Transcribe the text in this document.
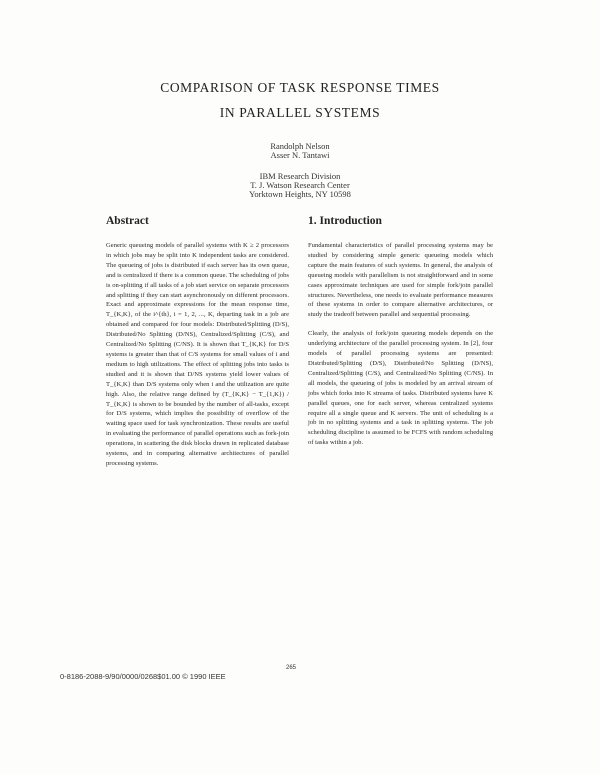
COMPARISON OF TASK RESPONSE TIMES
IN PARALLEL SYSTEMS
Randolph Nelson
Asser N. Tantawi
IBM Research Division
T. J. Watson Research Center
Yorktown Heights, NY 10598
Abstract	1. Introduction

Generic queueing models of parallel systems with K ≥ 2 processors in which jobs may be split into K independent tasks are considered. The queueing of jobs is distributed if each server has its own queue, and is centralized if there is a common queue. The scheduling of jobs is on-splitting if all tasks of a job start service on separate processors and splitting if they can start asynchronously on different processors. Exact and approximate expressions for the mean response time, T_{K,K}, of the i^{th}, i = 1, 2, ..., K, departing task in a job are obtained and compared for four models: Distributed/Splitting (D/S), Distributed/No Splitting (D/NS), Centralized/Splitting (C/S), and Centralized/No Splitting (C/NS). It is shown that T_{K,K} for D/S systems is greater than that of C/S systems for small values of i and medium to high utilizations. The effect of splitting jobs into tasks is studied and it is shown that D/NS systems yield lower values of T_{K,K} than D/S systems only when i and the utilization are quite high. Also, the relative range defined by (T_{K,K} − T_{1,K}) / T_{K,K} is shown to be bounded by the number of all-tasks, except for D/S systems, which implies the possibility of overflow of the waiting space used for task synchronization. These results are useful in evaluating the performance of parallel operations such as fork-join operations, in scattering the disk blocks drawn in replicated database systems, and in comparing alternative architectures of parallel processing systems.

Fundamental characteristics of parallel processing systems may be studied by considering simple generic queueing models which capture the main features of such systems. In general, the analysis of queueing models with parallelism is not straightforward and in some cases approximate techniques are used for simple fork/join parallel structures. Nevertheless, one needs to evaluate performance measures of these systems in order to compare alternative architectures, or study the tradeoff between parallel and sequential processing.

Clearly, the analysis of fork/join queueing models depends on the underlying architecture of the parallel processing system. In [2], four models of parallel processing systems are presented: Distributed/Splitting (D/S), Distributed/No Splitting (D/NS), Centralized/Splitting (C/S), and Centralized/No Splitting (C/NS). In all models, the queueing of jobs is modeled by an arrival stream of jobs which forks into K streams of tasks. Distributed systems have K parallel queues, one for each server, whereas centralized systems require all a single queue and K servers. The unit of scheduling is a job in no splitting systems and a task in splitting systems. The job scheduling discipline is assumed to be FCFS with random scheduling of tasks within a job.

265
0-8186-2088-9/90/0000/0268$01.00 © 1990 IEEE
